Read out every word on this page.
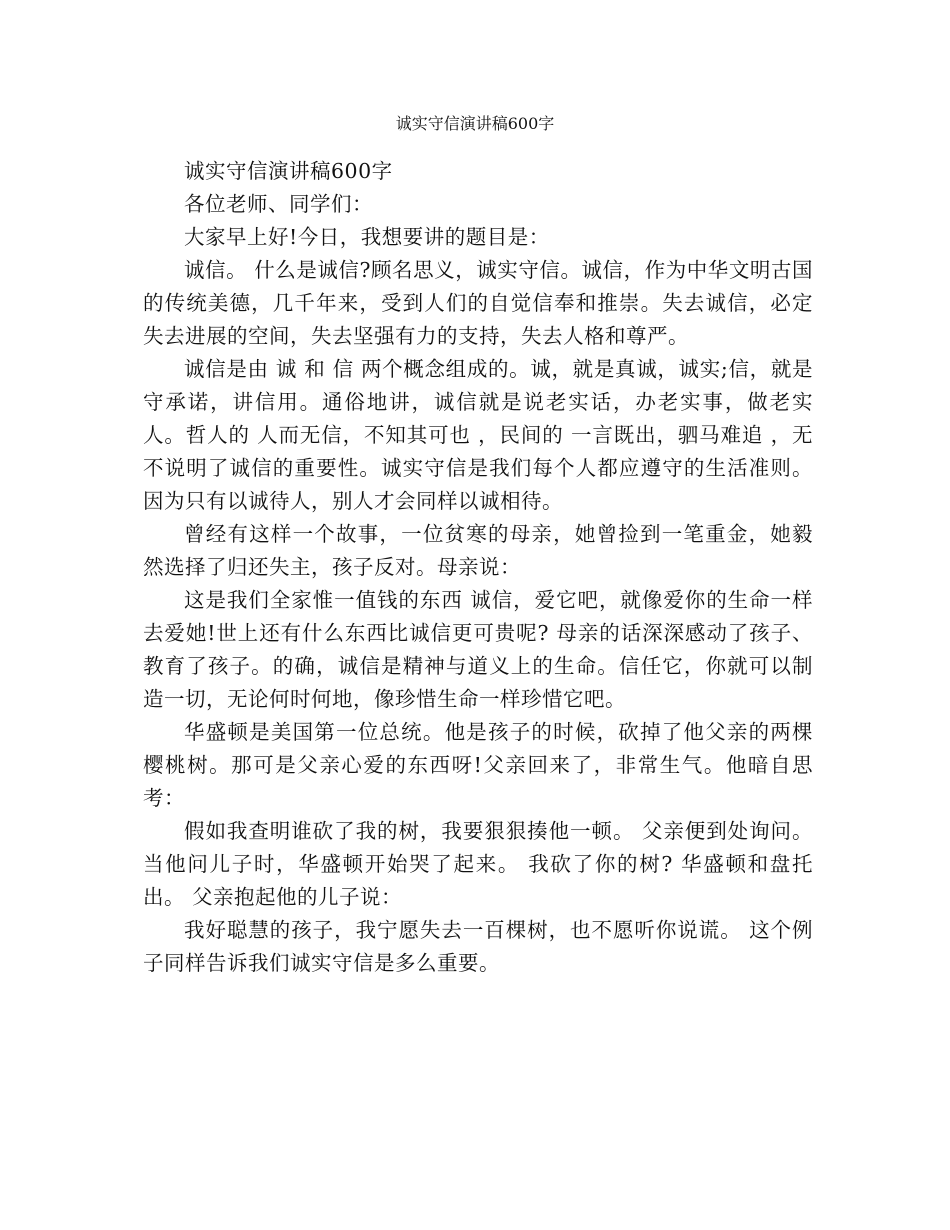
诚实守信演讲稿600字

诚实守信演讲稿600字

各位老师、同学们：

大家早上好!今日，我想要讲的题目是：

诚信。 什么是诚信?顾名思义，诚实守信。诚信，作为中华文明古国的传统美德，几千年来，受到人们的自觉信奉和推崇。失去诚信，必定失去进展的空间，失去坚强有力的支持，失去人格和尊严。

诚信是由 诚 和 信 两个概念组成的。诚，就是真诚，诚实;信，就是守承诺，讲信用。通俗地讲，诚信就是说老实话，办老实事，做老实人。哲人的 人而无信，不知其可也 ，民间的 一言既出，驷马难追 ，无不说明了诚信的重要性。诚实守信是我们每个人都应遵守的生活准则。因为只有以诚待人，别人才会同样以诚相待。

曾经有这样一个故事，一位贫寒的母亲，她曾捡到一笔重金，她毅然选择了归还失主，孩子反对。母亲说：

这是我们全家惟一值钱的东西 诚信，爱它吧，就像爱你的生命一样去爱她!世上还有什么东西比诚信更可贵呢? 母亲的话深深感动了孩子、教育了孩子。的确，诚信是精神与道义上的生命。信任它，你就可以制造一切，无论何时何地，像珍惜生命一样珍惜它吧。

华盛顿是美国第一位总统。他是孩子的时候，砍掉了他父亲的两棵樱桃树。那可是父亲心爱的东西呀!父亲回来了，非常生气。他暗自思考：

假如我查明谁砍了我的树，我要狠狠揍他一顿。 父亲便到处询问。当他问儿子时，华盛顿开始哭了起来。 我砍了你的树? 华盛顿和盘托出。 父亲抱起他的儿子说：

我好聪慧的孩子，我宁愿失去一百棵树，也不愿听你说谎。 这个例子同样告诉我们诚实守信是多么重要。
